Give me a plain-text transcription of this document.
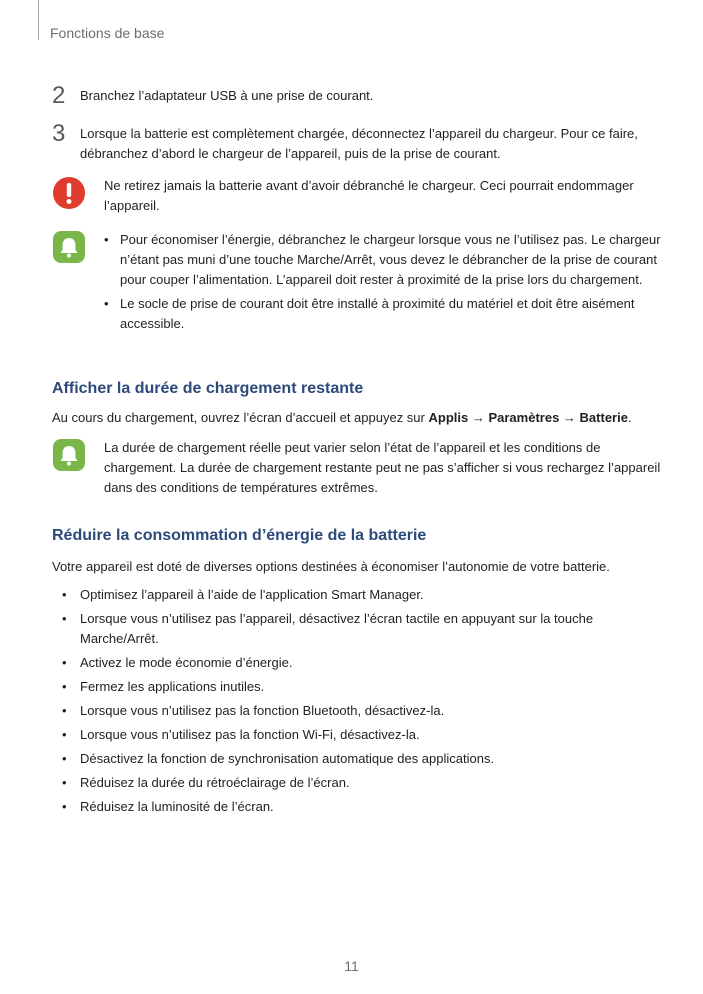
Fonctions de base
2 Branchez l’adaptateur USB à une prise de courant.
3 Lorsque la batterie est complètement chargée, déconnectez l’appareil du chargeur. Pour ce faire, débranchez d’abord le chargeur de l’appareil, puis de la prise de courant.
Ne retirez jamais la batterie avant d’avoir débranché le chargeur. Ceci pourrait endommager l’appareil.
• Pour économiser l’énergie, débranchez le chargeur lorsque vous ne l’utilisez pas. Le chargeur n’étant pas muni d’une touche Marche/Arrêt, vous devez le débrancher de la prise de courant pour couper l’alimentation. L’appareil doit rester à proximité de la prise lors du chargement.
• Le socle de prise de courant doit être installé à proximité du matériel et doit être aisément accessible.
Afficher la durée de chargement restante
Au cours du chargement, ouvrez l’écran d’accueil et appuyez sur Applis → Paramètres → Batterie.
La durée de chargement réelle peut varier selon l’état de l’appareil et les conditions de chargement. La durée de chargement restante peut ne pas s’afficher si vous rechargez l’appareil dans des conditions de températures extrêmes.
Réduire la consommation d’énergie de la batterie
Votre appareil est doté de diverses options destinées à économiser l’autonomie de votre batterie.
• Optimisez l’appareil à l’aide de l'application Smart Manager.
• Lorsque vous n’utilisez pas l’appareil, désactivez l’écran tactile en appuyant sur la touche Marche/Arrêt.
• Activez le mode économie d’énergie.
• Fermez les applications inutiles.
• Lorsque vous n’utilisez pas la fonction Bluetooth, désactivez-la.
• Lorsque vous n’utilisez pas la fonction Wi-Fi, désactivez-la.
• Désactivez la fonction de synchronisation automatique des applications.
• Réduisez la durée du rétroéclairage de l’écran.
• Réduisez la luminosité de l’écran.
11
